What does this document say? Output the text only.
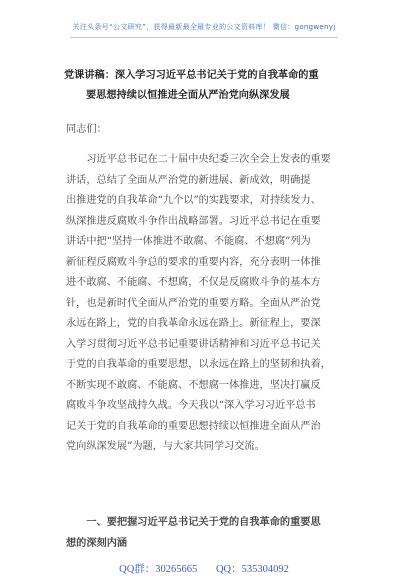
关注头条号“公文研究”，获得最新最全最专业的公文资料库！ 微信：gongwenyj
党课讲稿：深入学习习近平总书记关于党的自我革命的重
要思想持续以恒推进全面从严治党向纵深发展

同志们：

　　习近平总书记在二十届中央纪委三次全会上发表的重要
讲话，总结了全面从严治党的新进展、新成效，明确提
出推进党的自我革命“九个以”的实践要求，对持续发力、
纵深推进反腐败斗争作出战略部署。习近平总书记在重要
讲话中把“坚持一体推进不敢腐、不能腐、不想腐”列为
新征程反腐败斗争总的要求的重要内容，充分表明一体推
进不敢腐、不能腐、不想腐，不仅是反腐败斗争的基本方
针，也是新时代全面从严治党的重要方略。全面从严治党
永远在路上，党的自我革命永远在路上。新征程上，要深
入学习贯彻习近平总书记重要讲话精神和习近平总书记关
于党的自我革命的重要思想，以永远在路上的坚韧和执着，
不断实现不敢腐、不能腐、不想腐一体推进，坚决打赢反
腐败斗争攻坚战持久战。今天我以“深入学习习近平总书
记关于党的自我革命的重要思想持续以恒推进全面从严治
党向纵深发展”为题，与大家共同学习交流。

　　一、要把握习近平总书记关于党的自我革命的重要思
想的深刻内涵
QQ群：30265665 QQ：535304092
